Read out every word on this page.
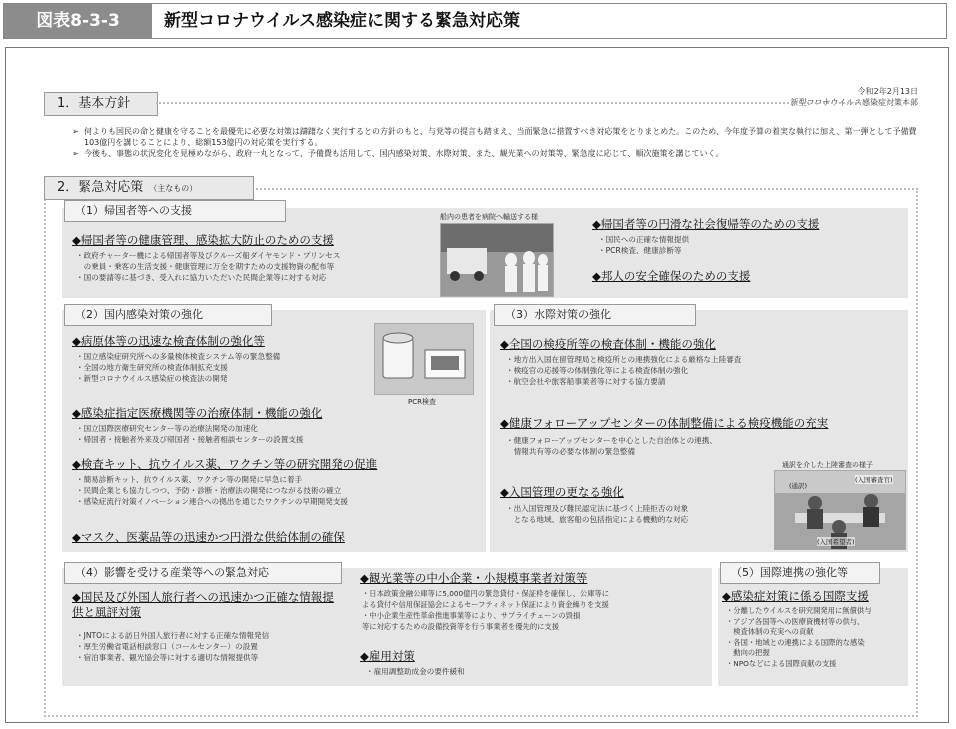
図表8-3-3	新型コロナウイルス感染症に関する緊急対応策
令和2年2月13日
新型コロナウイルス感染症対策本部
1．基本方針
➢ 何よりも国民の命と健康を守ることを最優先に必要な対策は躊躇なく実行するとの方針のもと、与党等の提言も踏まえ、当面緊急に措置すべき対応策をとりまとめた。このため、今年度予算の着実な執行に加え、第一弾として予備費103億円を講じることにより、総額153億円の対応策を実行する。
➢ 今後も、事態の状況変化を見極めながら、政府一丸となって、予備費も活用して、国内感染対策、水際対策、また、観光業への対策等、緊急度に応じて、順次施策を講じていく。
2．緊急対応策 （主なもの）
（1）帰国者等への支援
◆帰国者等の健康管理、感染拡大防止のための支援
・政府チャーター機による帰国者等及びクルーズ船ダイヤモンド・プリンセス
　の乗員・乗客の生活支援・健康管理に万全を期すための支援物資の配布等
・国の要請等に基づき、受入れに協力いただいた民間企業等に対する対応
船内の患者を病院へ輸送する様	◆帰国者等の円滑な社会復帰等のための支援
・国民への正確な情報提供
・PCR検査、健康診断等
◆邦人の安全確保のための支援
（2）国内感染対策の強化
◆病原体等の迅速な検査体制の強化等
・国立感染症研究所への多量検体検査システム等の緊急整備
・全国の地方衛生研究所の検査体制拡充支援
・新型コロナウイルス感染症の検査法の開発
PCR検査
◆感染症指定医療機関等の治療体制・機能の強化
・国立国際医療研究センター等の治療法開発の加速化
・帰国者・接触者外来及び帰国者・接触者相談センターの設置支援
◆検査キット、抗ウイルス薬、ワクチン等の研究開発の促進
・簡易診断キット、抗ウイルス薬、ワクチン等の開発に早急に着手
・民間企業とも協力しつつ、予防・診断・治療法の開発につながる技術の確立
・感染症流行対策イノベーション連合への拠出を通じたワクチンの早期開発支援
◆マスク、医薬品等の迅速かつ円滑な供給体制の確保
（3）水際対策の強化
◆全国の検疫所等の検査体制・機能の強化
・地方出入国在留管理局と検疫所との連携強化による厳格な上陸審査
・検疫官の応援等の体制強化等による検査体制の強化
・航空会社や旅客船事業者等に対する協力要請
◆健康フォローアップセンターの体制整備による検疫機能の充実
・健康フォローアップセンターを中心とした自治体との連携、
　情報共有等の必要な体制の緊急整備
通訳を介した上陸審査の様子
(通訳)
(入国審査官)
(入国希望者)
◆入国管理の更なる強化
・出入国管理及び難民認定法に基づく上陸拒否の対象
　となる地域、旅客船の包括指定による機動的な対応
（4）影響を受ける産業等への緊急対応
◆国民及び外国人旅行者への迅速かつ正確な情報提供と風評対策
・JNTOによる訪日外国人旅行者に対する正確な情報発信
・厚生労働省電話相談窓口（コールセンター）の設置
・宿泊事業者、観光協会等に対する適切な情報提供等
◆観光業等の中小企業・小規模事業者対策等
・日本政策金融公庫等に5,000億円の緊急貸付・保証枠を確保し、公庫等に
よる貸付や信用保証協会によるセーフティネット保証により資金繰りを支援
・中小企業生産性革命推進事業等により、サプライチェーンの毀損
等に対応するための設備投資等を行う事業者を優先的に支援
◆雇用対策
・雇用調整助成金の要件緩和
（5）国際連携の強化等
◆感染症対策に係る国際支援
・分離したウイルスを研究開発用に無償供与
・アジア各国等への医療資機材等の供与、
　検査体制の充実への貢献
・各国・地域との連携による国際的な感染
　動向の把握
・NPOなどによる国際貢献の支援
